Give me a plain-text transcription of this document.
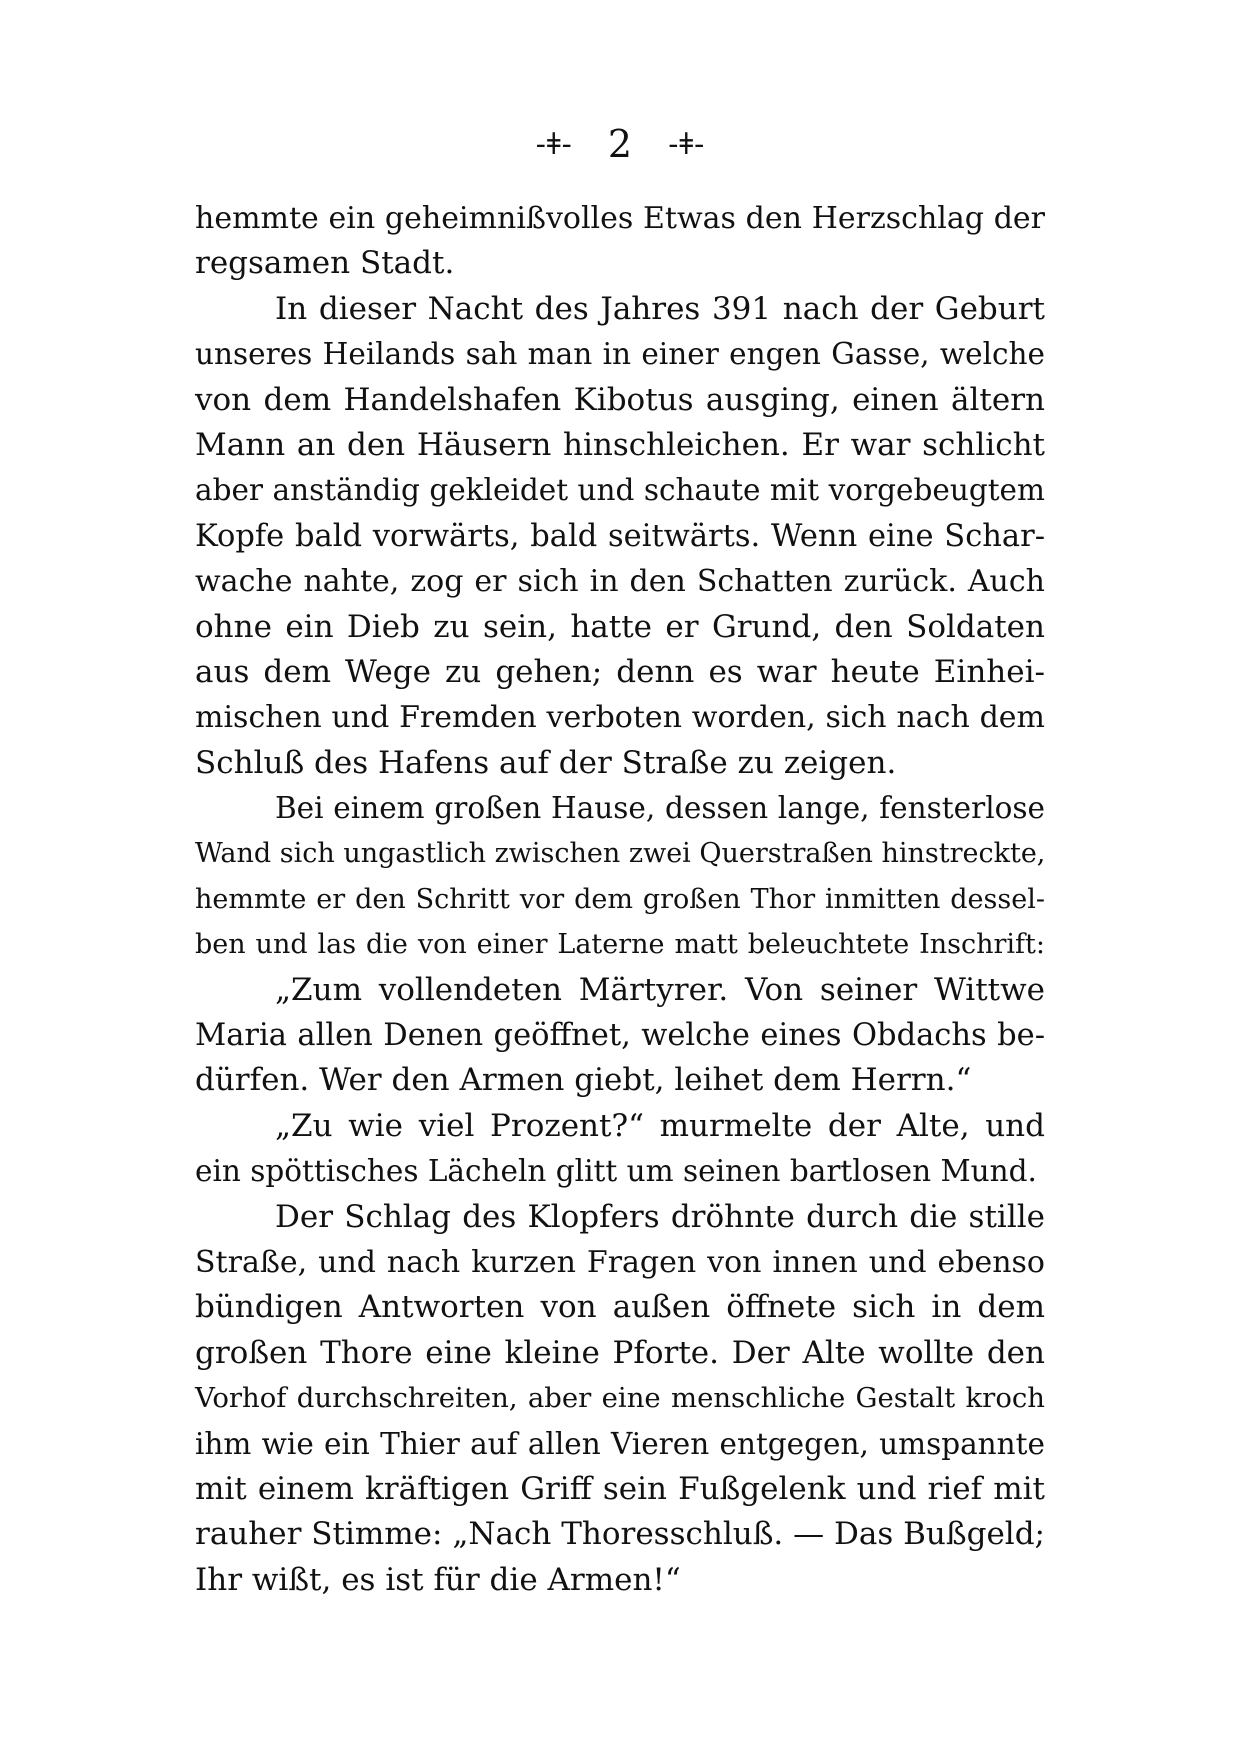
-ǂ- 2 -ǂ-
hemmte ein geheimnißvolles Etwas den Herzschlag der
regsamen Stadt.
In dieser Nacht des Jahres 391 nach der Geburt
unseres Heilands sah man in einer engen Gasse, welche
von dem Handelshafen Kibotus ausging, einen ältern
Mann an den Häusern hinschleichen. Er war schlicht
aber anständig gekleidet und schaute mit vorgebeugtem
Kopfe bald vorwärts, bald seitwärts. Wenn eine Schar-
wache nahte, zog er sich in den Schatten zurück. Auch
ohne ein Dieb zu sein, hatte er Grund, den Soldaten
aus dem Wege zu gehen; denn es war heute Einhei-
mischen und Fremden verboten worden, sich nach dem
Schluß des Hafens auf der Straße zu zeigen.
Bei einem großen Hause, dessen lange, fensterlose
Wand sich ungastlich zwischen zwei Querstraßen hinstreckte,
hemmte er den Schritt vor dem großen Thor inmitten dessel-
ben und las die von einer Laterne matt beleuchtete Inschrift:
„Zum vollendeten Märtyrer. Von seiner Wittwe
Maria allen Denen geöffnet, welche eines Obdachs be-
dürfen. Wer den Armen giebt, leihet dem Herrn.“
„Zu wie viel Prozent?“ murmelte der Alte, und
ein spöttisches Lächeln glitt um seinen bartlosen Mund.
Der Schlag des Klopfers dröhnte durch die stille
Straße, und nach kurzen Fragen von innen und ebenso
bündigen Antworten von außen öffnete sich in dem
großen Thore eine kleine Pforte. Der Alte wollte den
Vorhof durchschreiten, aber eine menschliche Gestalt kroch
ihm wie ein Thier auf allen Vieren entgegen, umspannte
mit einem kräftigen Griff sein Fußgelenk und rief mit
rauher Stimme: „Nach Thoresschluß. — Das Bußgeld;
Ihr wißt, es ist für die Armen!“
